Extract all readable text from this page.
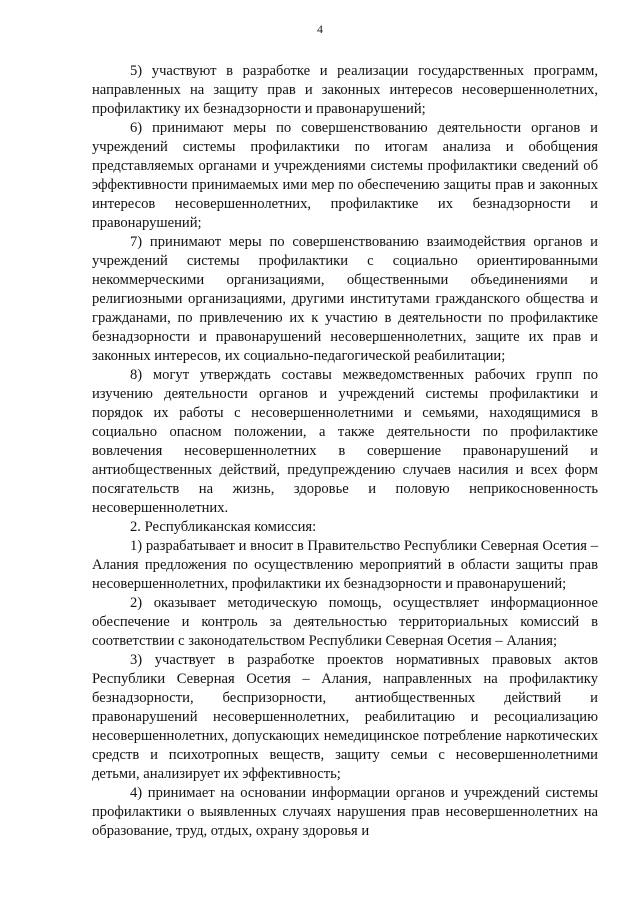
4

5) участвуют в разработке и реализации государственных программ, направленных на защиту прав и законных интересов несовершеннолетних, профилактику их безнадзорности и правонарушений;

6) принимают меры по совершенствованию деятельности органов и учреждений системы профилактики по итогам анализа и обобщения представляемых органами и учреждениями системы профилактики сведений об эффективности принимаемых ими мер по обеспечению защиты прав и законных интересов несовершеннолетних, профилактике их безнадзорности и правонарушений;

7) принимают меры по совершенствованию взаимодействия органов и учреждений системы профилактики с социально ориентированными некоммерческими организациями, общественными объединениями и религиозными организациями, другими институтами гражданского общества и гражданами, по привлечению их к участию в деятельности по профилактике безнадзорности и правонарушений несовершеннолетних, защите их прав и законных интересов, их социально-педагогической реабилитации;

8) могут утверждать составы межведомственных рабочих групп по изучению деятельности органов и учреждений системы профилактики и порядок их работы с несовершеннолетними и семьями, находящимися в социально опасном положении, а также деятельности по профилактике вовлечения несовершеннолетних в совершение правонарушений и антиобщественных действий, предупреждению случаев насилия и всех форм посягательств на жизнь, здоровье и половую неприкосновенность несовершеннолетних.

2. Республиканская комиссия:

1) разрабатывает и вносит в Правительство Республики Северная Осетия – Алания предложения по осуществлению мероприятий в области защиты прав несовершеннолетних, профилактики их безнадзорности и правонарушений;

2) оказывает методическую помощь, осуществляет информационное обеспечение и контроль за деятельностью территориальных комиссий в соответствии с законодательством Республики Северная Осетия – Алания;

3) участвует в разработке проектов нормативных правовых актов Республики Северная Осетия – Алания, направленных на профилактику безнадзорности, беспризорности, антиобщественных действий и правонарушений несовершеннолетних, реабилитацию и ресоциализацию несовершеннолетних, допускающих немедицинское потребление наркотических средств и психотропных веществ, защиту семьи с несовершеннолетними детьми, анализирует их эффективность;

4) принимает на основании информации органов и учреждений системы профилактики о выявленных случаях нарушения прав несовершеннолетних на образование, труд, отдых, охрану здоровья и
